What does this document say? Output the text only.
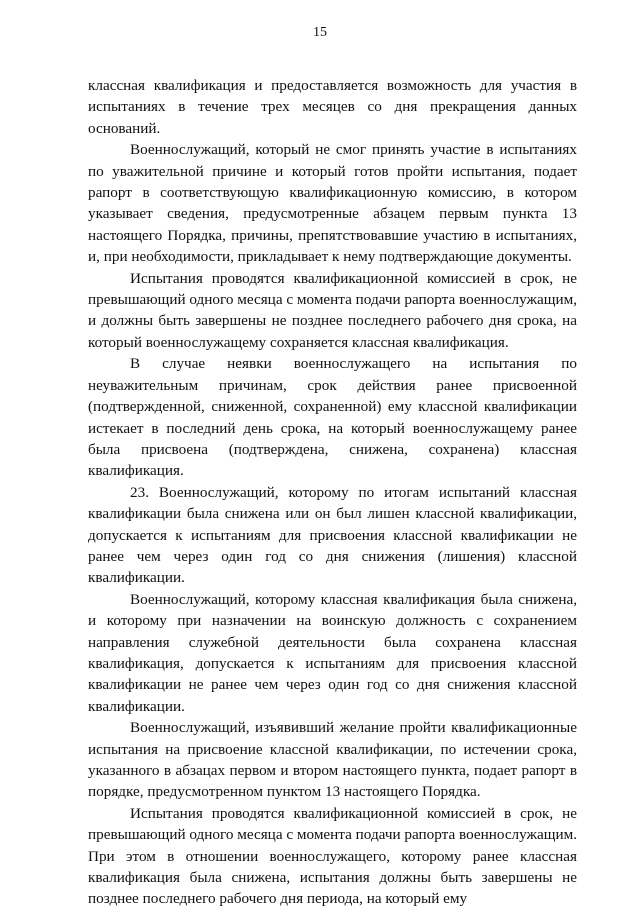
15

классная квалификация и предоставляется возможность для участия в испытаниях в течение трех месяцев со дня прекращения данных оснований.

Военнослужащий, который не смог принять участие в испытаниях по уважительной причине и который готов пройти испытания, подает рапорт в соответствующую квалификационную комиссию, в котором указывает сведения, предусмотренные абзацем первым пункта 13 настоящего Порядка, причины, препятствовавшие участию в испытаниях, и, при необходимости, прикладывает к нему подтверждающие документы.

Испытания проводятся квалификационной комиссией в срок, не превышающий одного месяца с момента подачи рапорта военнослужащим, и должны быть завершены не позднее последнего рабочего дня срока, на который военнослужащему сохраняется классная квалификация.

В случае неявки военнослужащего на испытания по неуважительным причинам, срок действия ранее присвоенной (подтвержденной, сниженной, сохраненной) ему классной квалификации истекает в последний день срока, на который военнослужащему ранее была присвоена (подтверждена, снижена, сохранена) классная квалификация.

23. Военнослужащий, которому по итогам испытаний классная квалификации была снижена или он был лишен классной квалификации, допускается к испытаниям для присвоения классной квалификации не ранее чем через один год со дня снижения (лишения) классной квалификации.

Военнослужащий, которому классная квалификация была снижена, и которому при назначении на воинскую должность с сохранением направления служебной деятельности была сохранена классная квалификация, допускается к испытаниям для присвоения классной квалификации не ранее чем через один год со дня снижения классной квалификации.

Военнослужащий, изъявивший желание пройти квалификационные испытания на присвоение классной квалификации, по истечении срока, указанного в абзацах первом и втором настоящего пункта, подает рапорт в порядке, предусмотренном пунктом 13 настоящего Порядка.

Испытания проводятся квалификационной комиссией в срок, не превышающий одного месяца с момента подачи рапорта военнослужащим. При этом в отношении военнослужащего, которому ранее классная квалификация была снижена, испытания должны быть завершены не позднее последнего рабочего дня периода, на который ему
